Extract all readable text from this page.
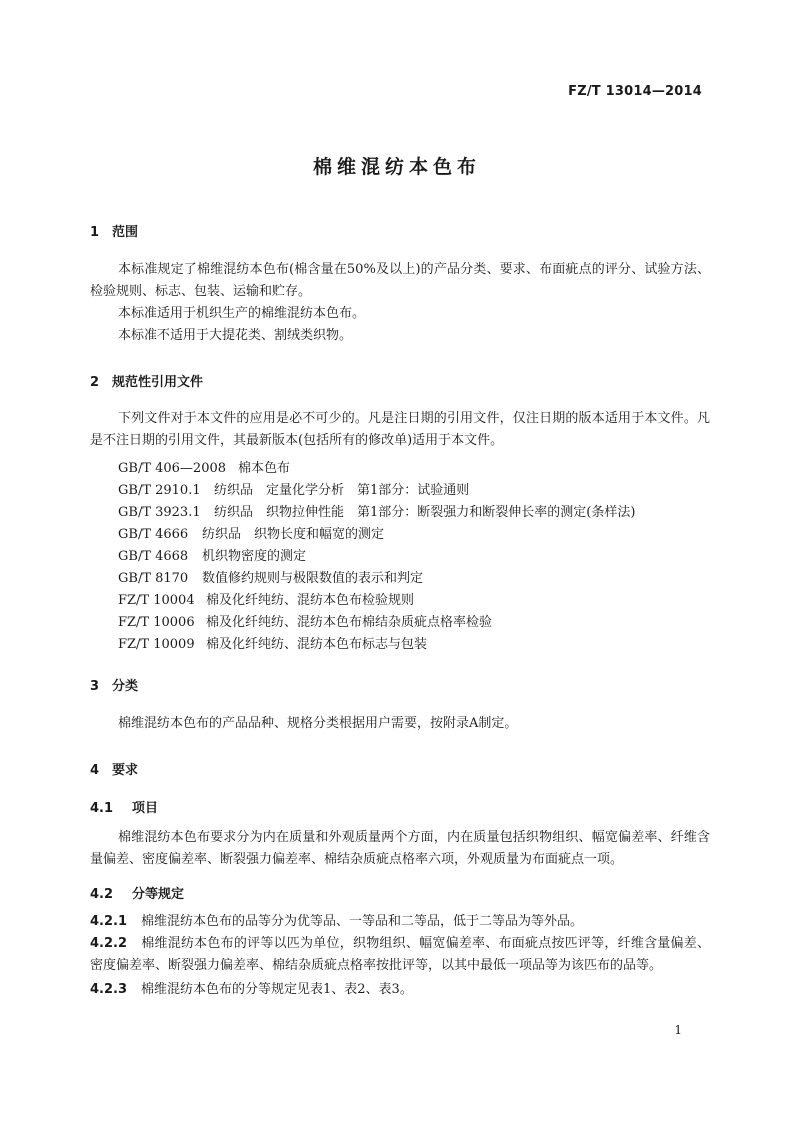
FZ/T 13014—2014
棉维混纺本色布
1 范围
本标准规定了棉维混纺本色布(棉含量在50%及以上)的产品分类、要求、布面疵点的评分、试验方法、检验规则、标志、包装、运输和贮存。
本标准适用于机织生产的棉维混纺本色布。
本标准不适用于大提花类、割绒类织物。
2 规范性引用文件
下列文件对于本文件的应用是必不可少的。凡是注日期的引用文件，仅注日期的版本适用于本文件。凡是不注日期的引用文件，其最新版本(包括所有的修改单)适用于本文件。
GB/T 406—2008 棉本色布
GB/T 2910.1 纺织品　定量化学分析　第1部分：试验通则
GB/T 3923.1 纺织品　织物拉伸性能　第1部分：断裂强力和断裂伸长率的测定(条样法)
GB/T 4666 纺织品　织物长度和幅宽的测定
GB/T 4668 机织物密度的测定
GB/T 8170 数值修约规则与极限数值的表示和判定
FZ/T 10004 棉及化纤纯纺、混纺本色布检验规则
FZ/T 10006 棉及化纤纯纺、混纺本色布棉结杂质疵点格率检验
FZ/T 10009 棉及化纤纯纺、混纺本色布标志与包装
3 分类
棉维混纺本色布的产品品种、规格分类根据用户需要，按附录A制定。
4 要求
4.1 项目
棉维混纺本色布要求分为内在质量和外观质量两个方面，内在质量包括织物组织、幅宽偏差率、纤维含量偏差、密度偏差率、断裂强力偏差率、棉结杂质疵点格率六项，外观质量为布面疵点一项。
4.2 分等规定
4.2.1 棉维混纺本色布的品等分为优等品、一等品和二等品，低于二等品为等外品。
4.2.2 棉维混纺本色布的评等以匹为单位，织物组织、幅宽偏差率、布面疵点按匹评等，纤维含量偏差、密度偏差率、断裂强力偏差率、棉结杂质疵点格率按批评等，以其中最低一项品等为该匹布的品等。
4.2.3 棉维混纺本色布的分等规定见表1、表2、表3。
1
